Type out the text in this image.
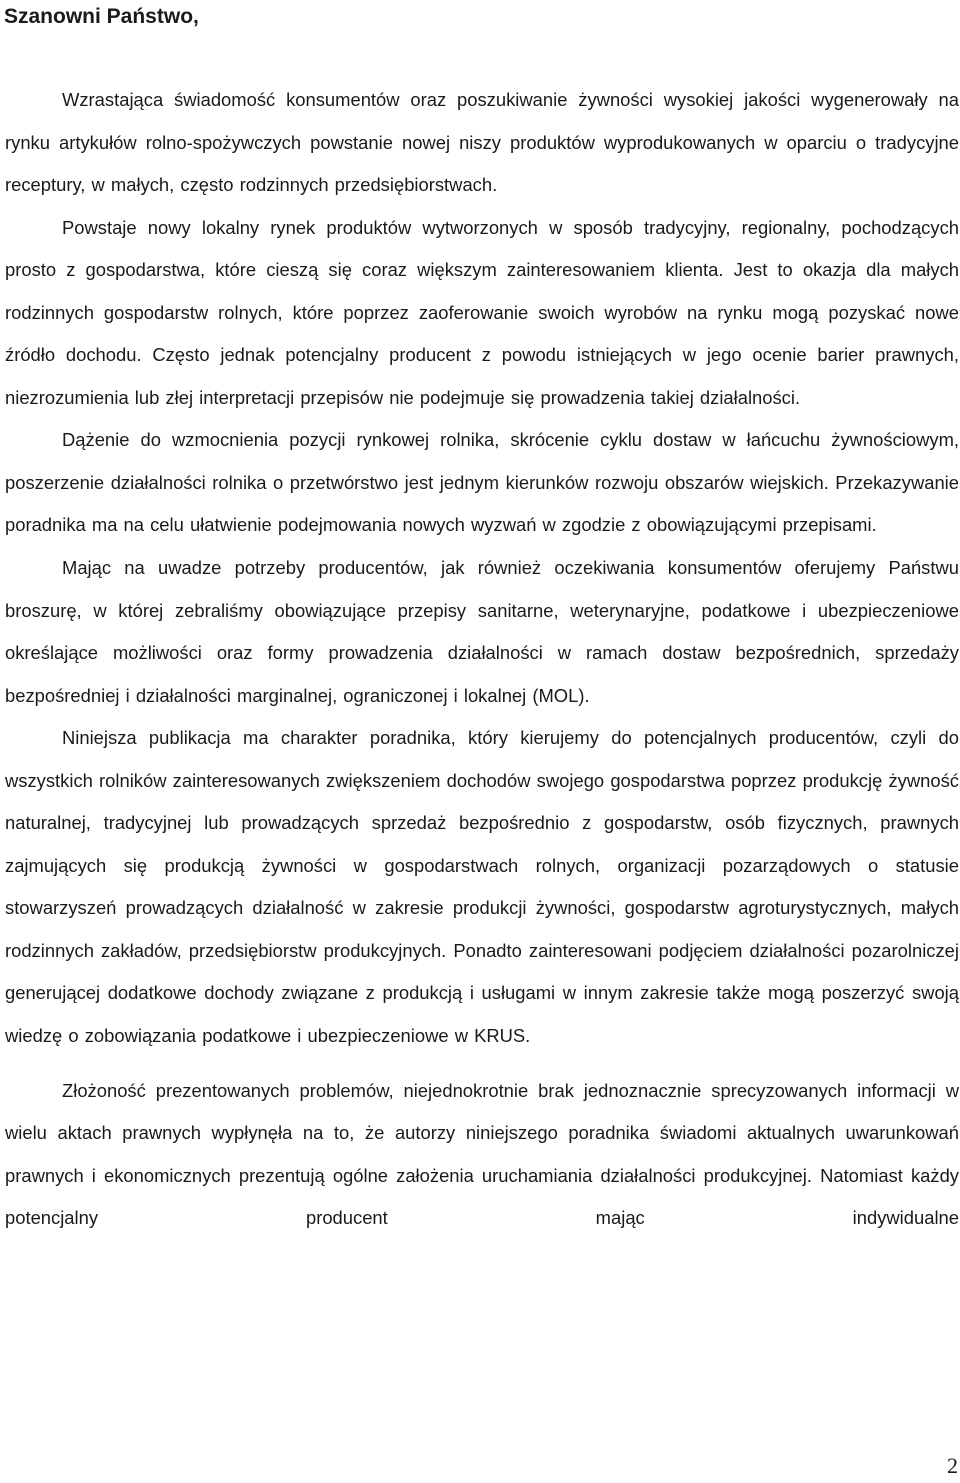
Szanowni Państwo,

Wzrastająca świadomość konsumentów oraz poszukiwanie żywności wysokiej jakości wygenerowały na rynku artykułów rolno-spożywczych powstanie nowej niszy produktów wyprodukowanych w oparciu o tradycyjne receptury, w małych, często rodzinnych przedsiębiorstwach.

Powstaje nowy lokalny rynek produktów wytworzonych w sposób tradycyjny, regionalny, pochodzących prosto z gospodarstwa, które cieszą się coraz większym zainteresowaniem klienta. Jest to okazja dla małych rodzinnych gospodarstw rolnych, które poprzez zaoferowanie swoich wyrobów na rynku mogą pozyskać nowe źródło dochodu. Często jednak potencjalny producent z powodu istniejących w jego ocenie barier prawnych, niezrozumienia lub złej interpretacji przepisów nie podejmuje się prowadzenia takiej działalności.

Dążenie do wzmocnienia pozycji rynkowej rolnika, skrócenie cyklu dostaw w łańcuchu żywnościowym, poszerzenie działalności rolnika o przetwórstwo jest jednym kierunków rozwoju obszarów wiejskich. Przekazywanie poradnika ma na celu ułatwienie podejmowania nowych wyzwań w zgodzie z obowiązującymi przepisami.

Mając na uwadze potrzeby producentów, jak również oczekiwania konsumentów oferujemy Państwu broszurę, w której zebraliśmy obowiązujące przepisy sanitarne, weterynaryjne, podatkowe i ubezpieczeniowe określające możliwości oraz formy prowadzenia działalności w ramach dostaw bezpośrednich, sprzedaży bezpośredniej i działalności marginalnej, ograniczonej i lokalnej (MOL).

Niniejsza publikacja ma charakter poradnika, który kierujemy do potencjalnych producentów, czyli do wszystkich rolników zainteresowanych zwiększeniem dochodów swojego gospodarstwa poprzez produkcję żywność naturalnej, tradycyjnej lub prowadzących sprzedaż bezpośrednio z gospodarstw, osób fizycznych, prawnych zajmujących się produkcją żywności w gospodarstwach rolnych, organizacji pozarządowych o statusie stowarzyszeń prowadzących działalność w zakresie produkcji żywności, gospodarstw agroturystycznych, małych rodzinnych zakładów, przedsiębiorstw produkcyjnych. Ponadto zainteresowani podjęciem działalności pozarolniczej generującej dodatkowe dochody związane z produkcją i usługami w innym zakresie także mogą poszerzyć swoją wiedzę o zobowiązania podatkowe i ubezpieczeniowe w KRUS.

Złożoność prezentowanych problemów, niejednokrotnie brak jednoznacznie sprecyzowanych informacji w wielu aktach prawnych wypłynęła na to, że autorzy niniejszego poradnika świadomi aktualnych uwarunkowań prawnych i ekonomicznych prezentują ogólne założenia uruchamiania działalności produkcyjnej. Natomiast każdy potencjalny producent mając indywidualne

2
